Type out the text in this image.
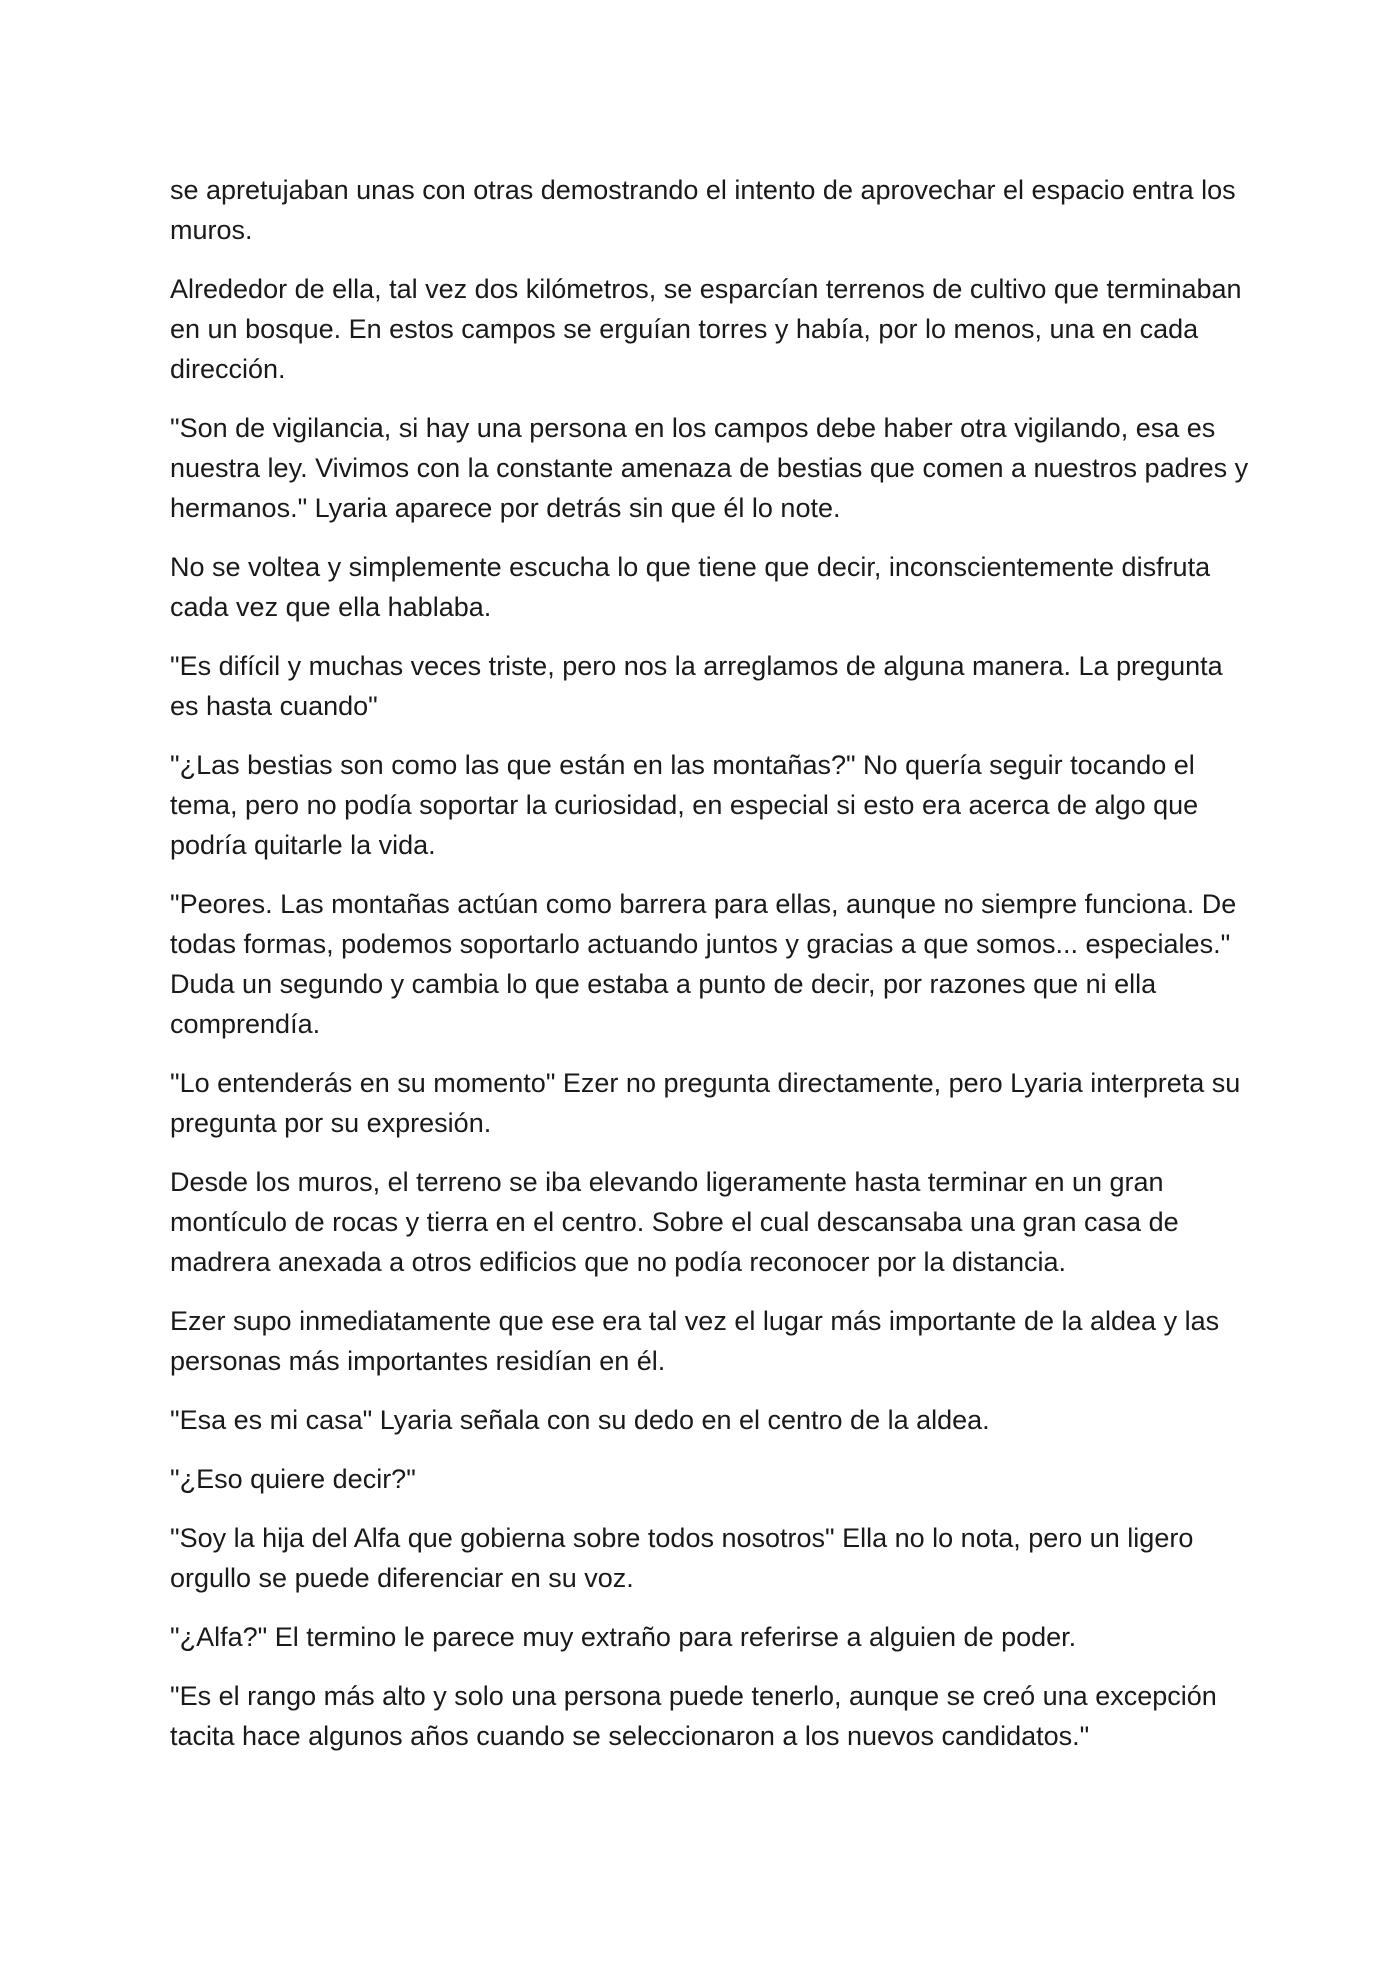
se apretujaban unas con otras demostrando el intento de aprovechar el espacio entra los muros.

Alrededor de ella, tal vez dos kilómetros, se esparcían terrenos de cultivo que terminaban en un bosque. En estos campos se erguían torres y había, por lo menos, una en cada dirección.

"Son de vigilancia, si hay una persona en los campos debe haber otra vigilando, esa es nuestra ley. Vivimos con la constante amenaza de bestias que comen a nuestros padres y hermanos." Lyaria aparece por detrás sin que él lo note.

No se voltea y simplemente escucha lo que tiene que decir, inconscientemente disfruta cada vez que ella hablaba.

"Es difícil y muchas veces triste, pero nos la arreglamos de alguna manera. La pregunta es hasta cuando"

"¿Las bestias son como las que están en las montañas?" No quería seguir tocando el tema, pero no podía soportar la curiosidad, en especial si esto era acerca de algo que podría quitarle la vida.

"Peores. Las montañas actúan como barrera para ellas, aunque no siempre funciona. De todas formas, podemos soportarlo actuando juntos y gracias a que somos... especiales." Duda un segundo y cambia lo que estaba a punto de decir, por razones que ni ella comprendía.

"Lo entenderás en su momento" Ezer no pregunta directamente, pero Lyaria interpreta su pregunta por su expresión.

Desde los muros, el terreno se iba elevando ligeramente hasta terminar en un gran montículo de rocas y tierra en el centro. Sobre el cual descansaba una gran casa de madrera anexada a otros edificios que no podía reconocer por la distancia.

Ezer supo inmediatamente que ese era tal vez el lugar más importante de la aldea y las personas más importantes residían en él.

"Esa es mi casa" Lyaria señala con su dedo en el centro de la aldea.

"¿Eso quiere decir?"

"Soy la hija del Alfa que gobierna sobre todos nosotros" Ella no lo nota, pero un ligero orgullo se puede diferenciar en su voz.

"¿Alfa?" El termino le parece muy extraño para referirse a alguien de poder.

"Es el rango más alto y solo una persona puede tenerlo, aunque se creó una excepción tacita hace algunos años cuando se seleccionaron a los nuevos candidatos."
